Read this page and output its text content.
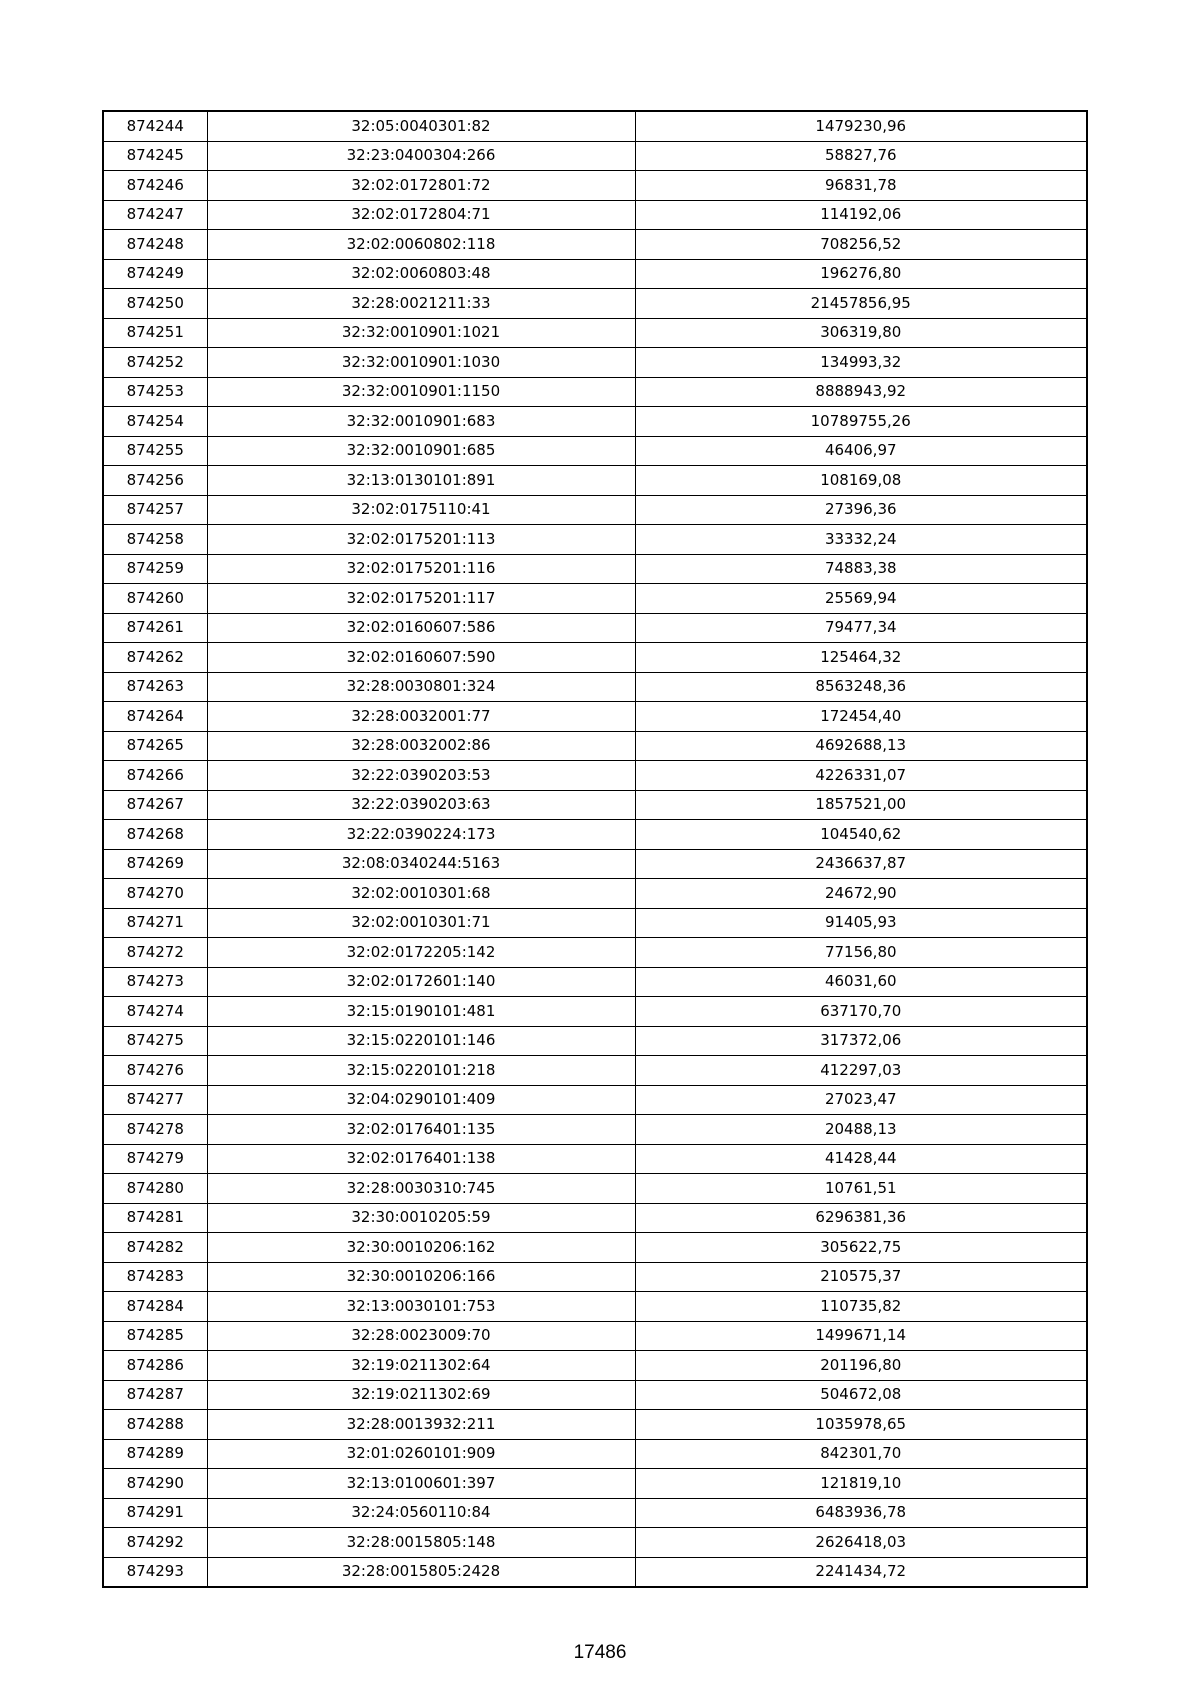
874244	32:05:0040301:82	1479230,96
874245	32:23:0400304:266	58827,76
874246	32:02:0172801:72	96831,78
874247	32:02:0172804:71	114192,06
874248	32:02:0060802:118	708256,52
874249	32:02:0060803:48	196276,80
874250	32:28:0021211:33	21457856,95
874251	32:32:0010901:1021	306319,80
874252	32:32:0010901:1030	134993,32
874253	32:32:0010901:1150	8888943,92
874254	32:32:0010901:683	10789755,26
874255	32:32:0010901:685	46406,97
874256	32:13:0130101:891	108169,08
874257	32:02:0175110:41	27396,36
874258	32:02:0175201:113	33332,24
874259	32:02:0175201:116	74883,38
874260	32:02:0175201:117	25569,94
874261	32:02:0160607:586	79477,34
874262	32:02:0160607:590	125464,32
874263	32:28:0030801:324	8563248,36
874264	32:28:0032001:77	172454,40
874265	32:28:0032002:86	4692688,13
874266	32:22:0390203:53	4226331,07
874267	32:22:0390203:63	1857521,00
874268	32:22:0390224:173	104540,62
874269	32:08:0340244:5163	2436637,87
874270	32:02:0010301:68	24672,90
874271	32:02:0010301:71	91405,93
874272	32:02:0172205:142	77156,80
874273	32:02:0172601:140	46031,60
874274	32:15:0190101:481	637170,70
874275	32:15:0220101:146	317372,06
874276	32:15:0220101:218	412297,03
874277	32:04:0290101:409	27023,47
874278	32:02:0176401:135	20488,13
874279	32:02:0176401:138	41428,44
874280	32:28:0030310:745	10761,51
874281	32:30:0010205:59	6296381,36
874282	32:30:0010206:162	305622,75
874283	32:30:0010206:166	210575,37
874284	32:13:0030101:753	110735,82
874285	32:28:0023009:70	1499671,14
874286	32:19:0211302:64	201196,80
874287	32:19:0211302:69	504672,08
874288	32:28:0013932:211	1035978,65
874289	32:01:0260101:909	842301,70
874290	32:13:0100601:397	121819,10
874291	32:24:0560110:84	6483936,78
874292	32:28:0015805:148	2626418,03
874293	32:28:0015805:2428	2241434,72
17486
